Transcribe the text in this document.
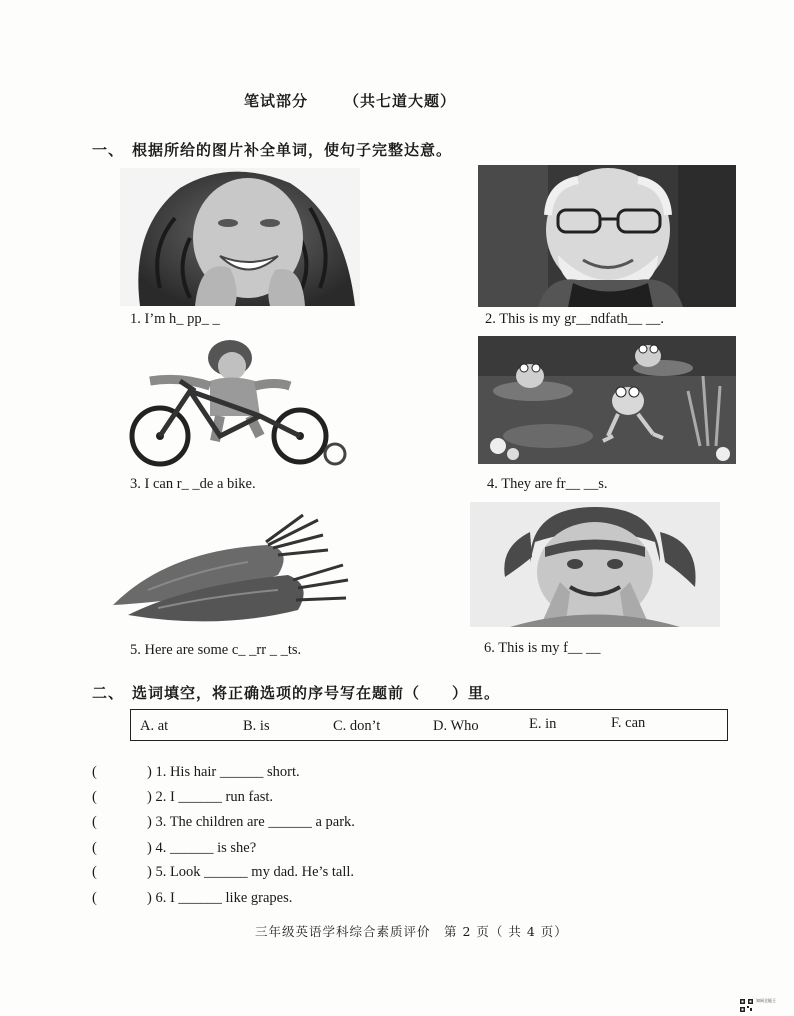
笔试部分 （共七道大题）
一、 根据所给的图片补全单词，使句子完整达意。
1. I’m h_ pp_ _	2. This is my gr__ndfath__ __.
3. I can r_ _de a bike.	4. They are fr__ __s.
5. Here are some c_ _rr _ _ts.	6. This is my f__ __
二、 选词填空，将正确选项的序号写在题前（　　）里。
A. at	B. is	C. don’t	D. Who	E. in	F. can
(	) 1. His hair ______ short.
(	) 2. I ______ run fast.
(	) 3. The children are ______ a park.
(	) 4. ______ is she?
(	) 5. Look ______ my dad. He’s tall.
(	) 6. I ______ like grapes.
三年级英语学科综合素质评价　第 2 页（ 共 4 页）
知网全能王
